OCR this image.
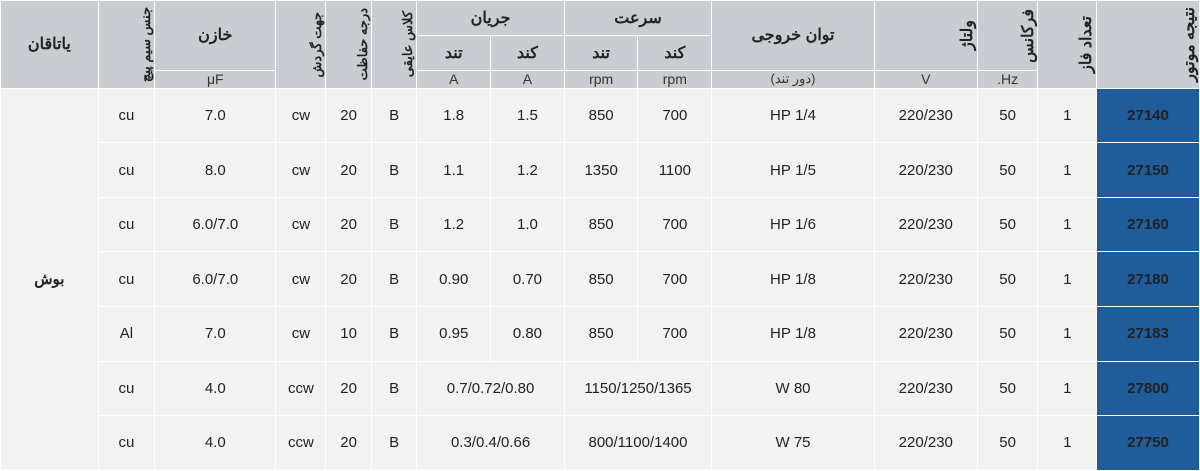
نتیجه موتور	تعداد فاز	فرکانس	ولتاژ	توان خروجی	سرعت		جریان		کلاس عایقی	درجه حفاظت	جهت گردش	خازن	جنس سیم پیچ	یاتاقان

					کند	تند	کند	تند						

		Hz.	V	(دور تند)	rpm	rpm	A	A				μF		

27140	1	50	220/230	1/4 HP	700	850	1.5	1.8	B	20	cw	7.0	cu	بوش
27150	1	50	220/230	1/5 HP	1100	1350	1.2	1.1	B	20	cw	8.0	cu	
27160	1	50	220/230	1/6 HP	700	850	1.0	1.2	B	20	cw	6.0/7.0	cu	
27180	1	50	220/230	1/8 HP	700	850	0.70	0.90	B	20	cw	6.0/7.0	cu	
27183	1	50	220/230	1/8 HP	700	850	0.80	0.95	B	10	cw	7.0	Al	
27800	1	50	220/230	80 W	1150/1250/1365		0.7/0.72/0.80		B	20	ccw	4.0	cu	
27750	1	50	220/230	75 W	800/1100/1400		0.3/0.4/0.66		B	20	ccw	4.0	cu	
